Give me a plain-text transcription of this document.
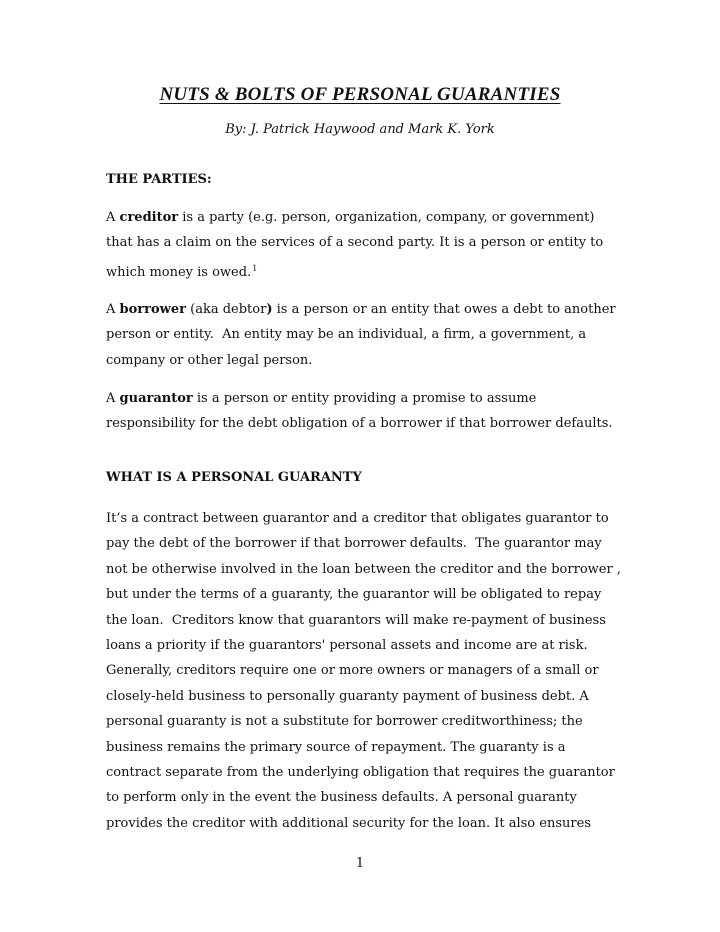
NUTS & BOLTS OF PERSONAL GUARANTIES
By: J. Patrick Haywood and Mark K. York
THE PARTIES:
A creditor is a party (e.g. person, organization, company, or government)
that has a claim on the services of a second party. It is a person or entity to
which money is owed.$^1$
A borrower (aka debtor) is a person or an entity that owes a debt to another
person or entity.  An entity may be an individual, a firm, a government, a
company or other legal person.
A guarantor is a person or entity providing a promise to assume
responsibility for the debt obligation of a borrower if that borrower defaults.
WHAT IS A PERSONAL GUARANTY
It’s a contract between guarantor and a creditor that obligates guarantor to
pay the debt of the borrower if that borrower defaults.  The guarantor may
not be otherwise involved in the loan between the creditor and the borrower ,
but under the terms of a guaranty, the guarantor will be obligated to repay
the loan.  Creditors know that guarantors will make re-payment of business
loans a priority if the guarantors' personal assets and income are at risk.
Generally, creditors require one or more owners or managers of a small or
closely-held business to personally guaranty payment of business debt. A
personal guaranty is not a substitute for borrower creditworthiness; the
business remains the primary source of repayment. The guaranty is a
contract separate from the underlying obligation that requires the guarantor
to perform only in the event the business defaults. A personal guaranty
provides the creditor with additional security for the loan. It also ensures
1
